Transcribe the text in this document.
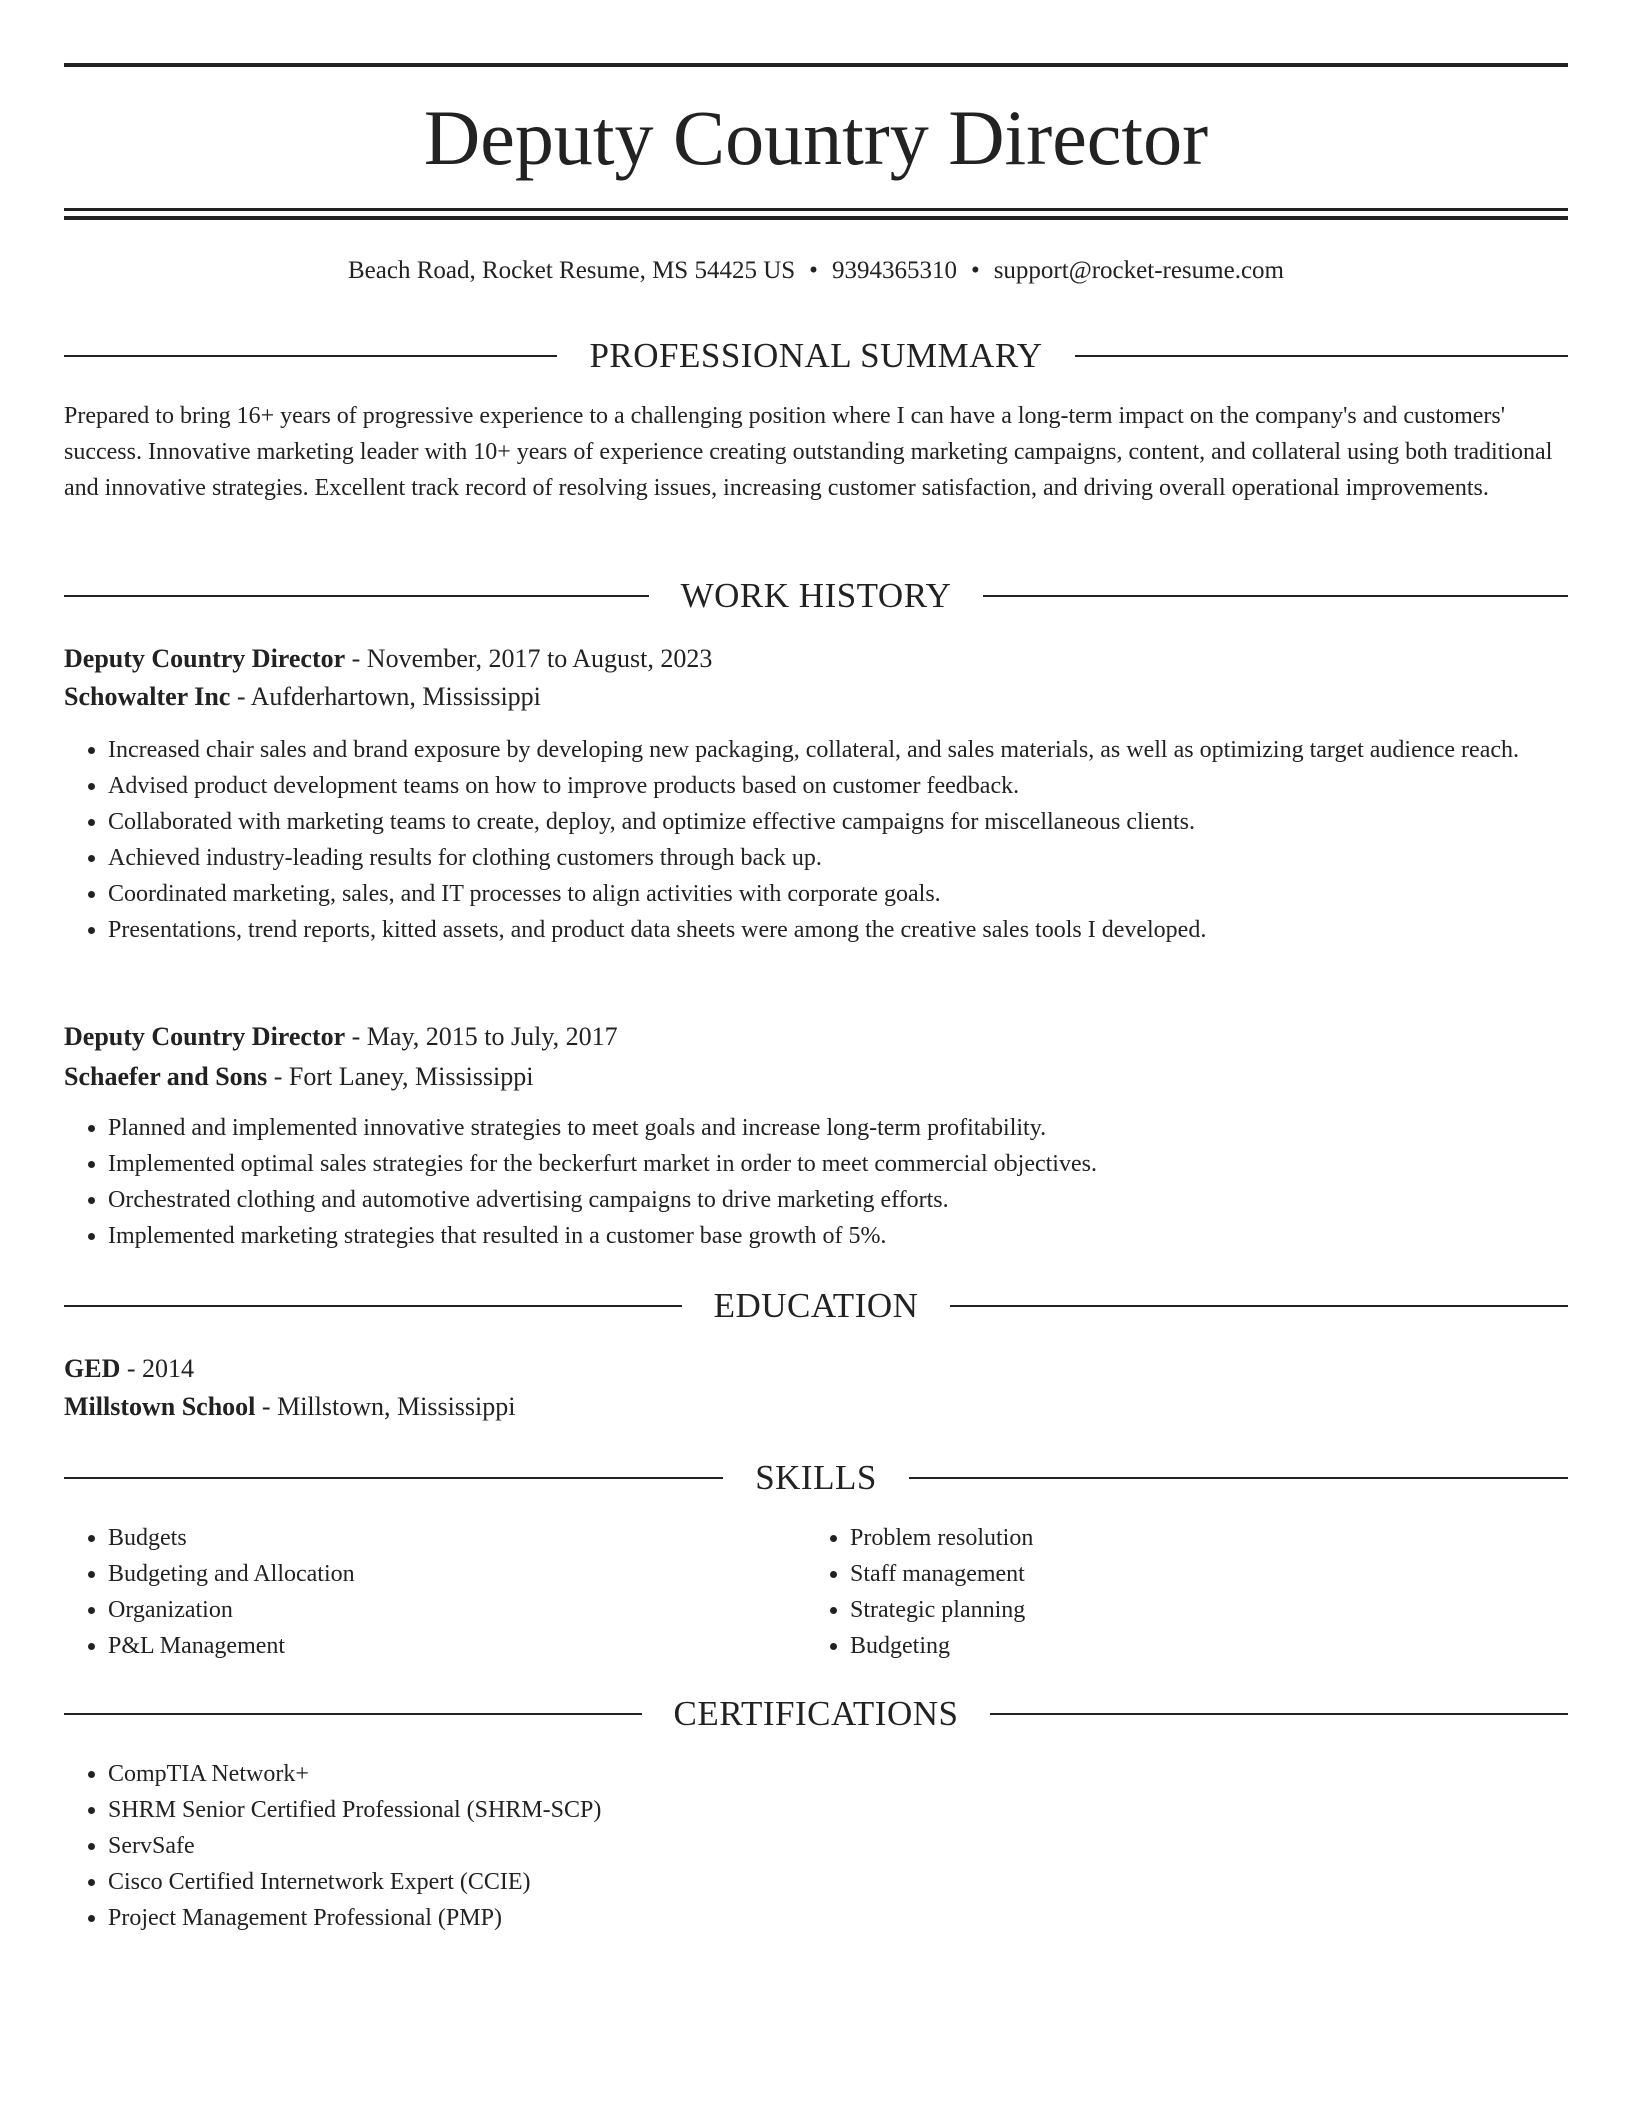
Deputy Country Director
Beach Road, Rocket Resume, MS 54425 US • 9394365310 • support@rocket-resume.com
PROFESSIONAL SUMMARY

Prepared to bring 16+ years of progressive experience to a challenging position where I can have a long-term impact on the company's and customers' success. Innovative marketing leader with 10+ years of experience creating outstanding marketing campaigns, content, and collateral using both traditional and innovative strategies. Excellent track record of resolving issues, increasing customer satisfaction, and driving overall operational improvements.

WORK HISTORY
Deputy Country Director - November, 2017 to August, 2023
Schowalter Inc - Aufderhartown, Mississippi
• Increased chair sales and brand exposure by developing new packaging, collateral, and sales materials, as well as optimizing target audience reach.
• Advised product development teams on how to improve products based on customer feedback.
• Collaborated with marketing teams to create, deploy, and optimize effective campaigns for miscellaneous clients.
• Achieved industry-leading results for clothing customers through back up.
• Coordinated marketing, sales, and IT processes to align activities with corporate goals.
• Presentations, trend reports, kitted assets, and product data sheets were among the creative sales tools I developed.
Deputy Country Director - May, 2015 to July, 2017
Schaefer and Sons - Fort Laney, Mississippi
• Planned and implemented innovative strategies to meet goals and increase long-term profitability.
• Implemented optimal sales strategies for the beckerfurt market in order to meet commercial objectives.
• Orchestrated clothing and automotive advertising campaigns to drive marketing efforts.
• Implemented marketing strategies that resulted in a customer base growth of 5%.
EDUCATION
GED - 2014
Millstown School - Millstown, Mississippi
SKILLS
• Budgets
• Budgeting and Allocation
• Organization
• P&L Management
• Problem resolution
• Staff management
• Strategic planning
• Budgeting
CERTIFICATIONS
• CompTIA Network+
• SHRM Senior Certified Professional (SHRM-SCP)
• ServSafe
• Cisco Certified Internetwork Expert (CCIE)
• Project Management Professional (PMP)
